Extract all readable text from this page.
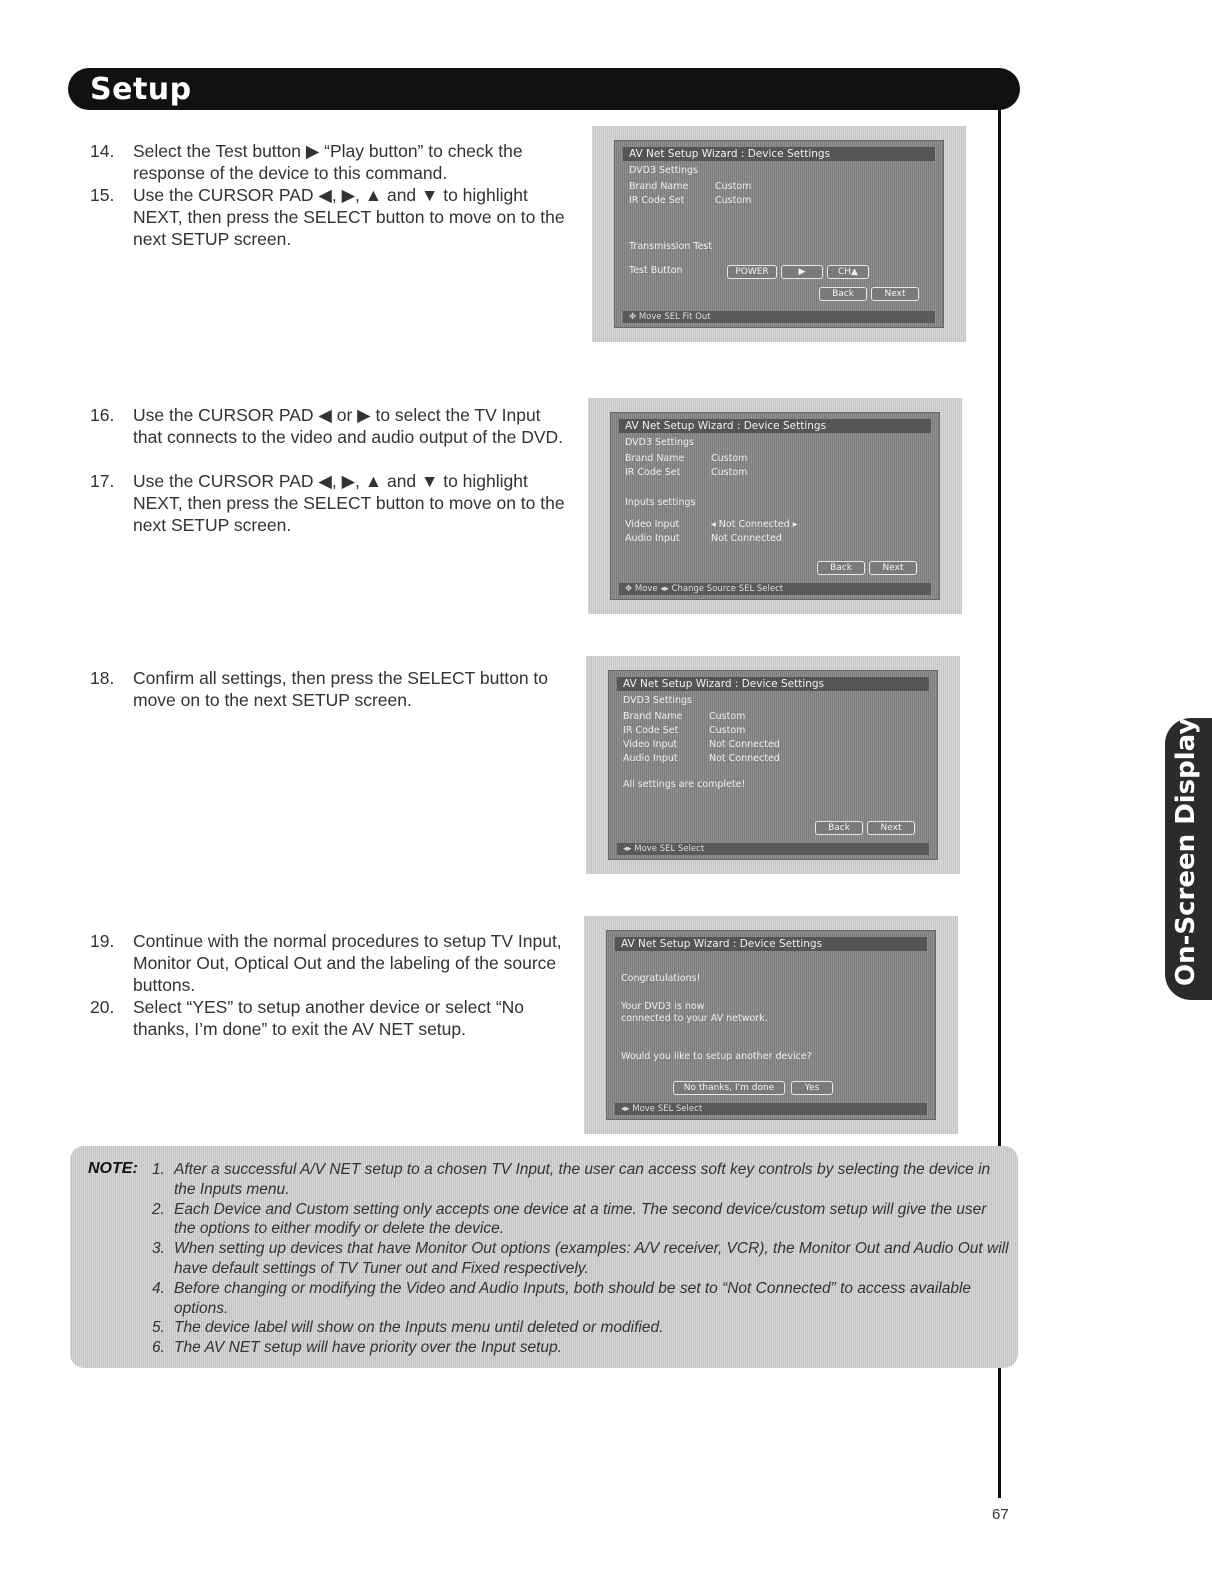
Setup
On-Screen Display
14. Select the Test button ▶ “Play button” to check the response of the device to this command.
15. Use the CURSOR PAD ◀, ▶, ▲ and ▼ to highlight NEXT, then press the SELECT button to move on to the next SETUP screen.
16. Use the CURSOR PAD ◀ or ▶ to select the TV Input that connects to the video and audio output of the DVD.
17. Use the CURSOR PAD ◀, ▶, ▲ and ▼ to highlight NEXT, then press the SELECT button to move on to the next SETUP screen.
18. Confirm all settings, then press the SELECT button to move on to the next SETUP screen.
19. Continue with the normal procedures to setup TV Input, Monitor Out, Optical Out and the labeling of the source buttons.
20. Select “YES” to setup another device or select “No thanks, I’m done” to exit the AV NET setup.
AV Net Setup Wizard : Device Settings
DVD3 Settings
Brand Name	Custom
IR Code Set	Custom
Transmission Test
Test Button	POWER	▶	CH▲
Back	Next
✥ Move SEL Fit Out
AV Net Setup Wizard : Device Settings
DVD3 Settings
Brand Name	Custom
IR Code Set	Custom
Inputs settings
Video Input	◂ Not Connected ▸
Audio Input	Not Connected
Back	Next
✥ Move ◂▸ Change Source SEL Select
AV Net Setup Wizard : Device Settings
DVD3 Settings
Brand Name	Custom
IR Code Set	Custom
Video Input	Not Connected
Audio Input	Not Connected
All settings are complete!
Back	Next
◂▸ Move SEL Select
AV Net Setup Wizard : Device Settings
Congratulations!
Your DVD3 is now
connected to your AV network.
Would you like to setup another device?
No thanks, I'm done	Yes
◂▸ Move SEL Select
NOTE: 1. After a successful A/V NET setup to a chosen TV Input, the user can access soft key controls by selecting the device in the Inputs menu.
2. Each Device and Custom setting only accepts one device at a time. The second device/custom setup will give the user the options to either modify or delete the device.
3. When setting up devices that have Monitor Out options (examples: A/V receiver, VCR), the Monitor Out and Audio Out will have default settings of TV Tuner out and Fixed respectively.
4. Before changing or modifying the Video and Audio Inputs, both should be set to “Not Connected” to access available options.
5. The device label will show on the Inputs menu until deleted or modified.
6. The AV NET setup will have priority over the Input setup.
67
